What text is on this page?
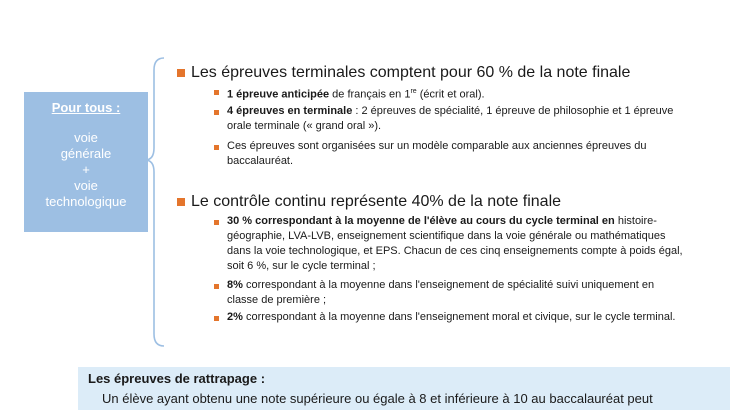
Pour tous :
voie
générale
+
voie
technologique
Les épreuves terminales comptent pour 60 % de la note finale
1 épreuve anticipée de français en 1re (écrit et oral).
4 épreuves en terminale : 2 épreuves de spécialité, 1 épreuve de philosophie et 1 épreuve orale terminale (« grand oral »).
Ces épreuves sont organisées sur un modèle comparable aux anciennes épreuves du baccalauréat.
Le contrôle continu représente 40% de la note finale
30 % correspondant à la moyenne de l'élève au cours du cycle terminal en histoire-géographie, LVA-LVB, enseignement scientifique dans la voie générale ou mathématiques dans la voie technologique, et EPS. Chacun de ces cinq enseignements compte à poids égal, soit 6 %, sur le cycle terminal ;
8% correspondant à la moyenne dans l'enseignement de spécialité suivi uniquement en classe de première ;
2% correspondant à la moyenne dans l'enseignement moral et civique, sur le cycle terminal.
Les épreuves de rattrapage :
Un élève ayant obtenu une note supérieure ou égale à 8 et inférieure à 10 au baccalauréat peut
